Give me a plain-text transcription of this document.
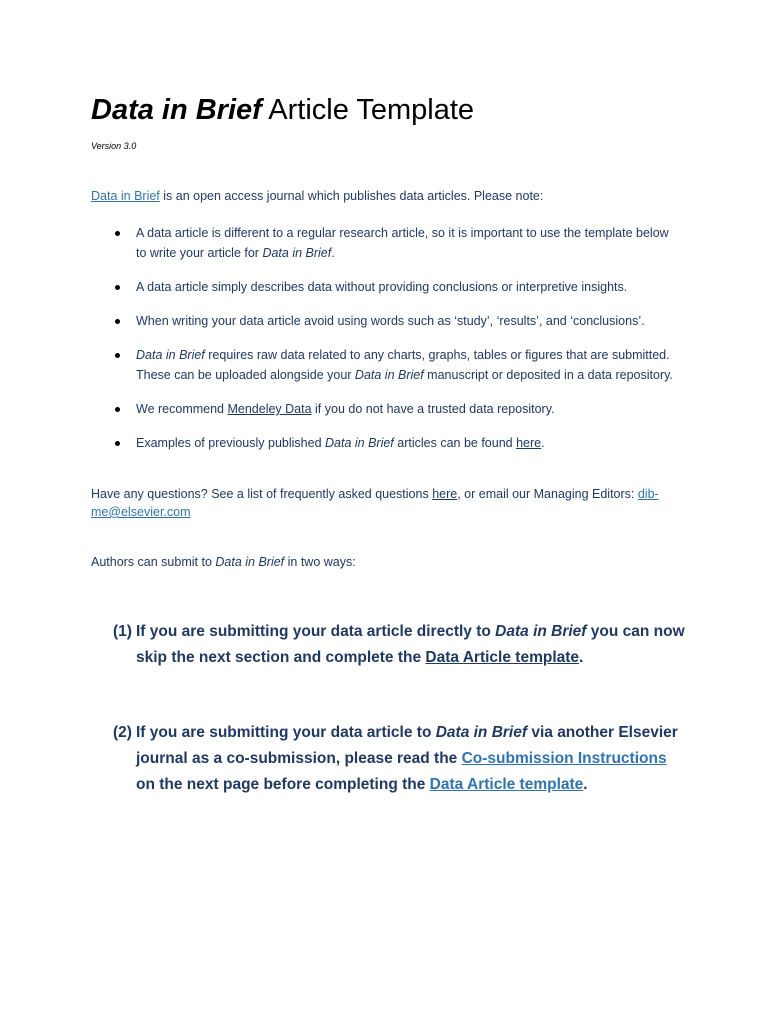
Data in Brief Article Template
Version 3.0
Data in Brief is an open access journal which publishes data articles. Please note:
A data article is different to a regular research article, so it is important to use the template below to write your article for Data in Brief.
A data article simply describes data without providing conclusions or interpretive insights.
When writing your data article avoid using words such as ‘study’, ‘results’, and ‘conclusions’.
Data in Brief requires raw data related to any charts, graphs, tables or figures that are submitted. These can be uploaded alongside your Data in Brief manuscript or deposited in a data repository.
We recommend Mendeley Data if you do not have a trusted data repository.
Examples of previously published Data in Brief articles can be found here.
Have any questions? See a list of frequently asked questions here, or email our Managing Editors: dib-me@elsevier.com
Authors can submit to Data in Brief in two ways:
(1) If you are submitting your data article directly to Data in Brief you can now skip the next section and complete the Data Article template.
(2) If you are submitting your data article to Data in Brief via another Elsevier journal as a co-submission, please read the Co-submission Instructions on the next page before completing the Data Article template.
